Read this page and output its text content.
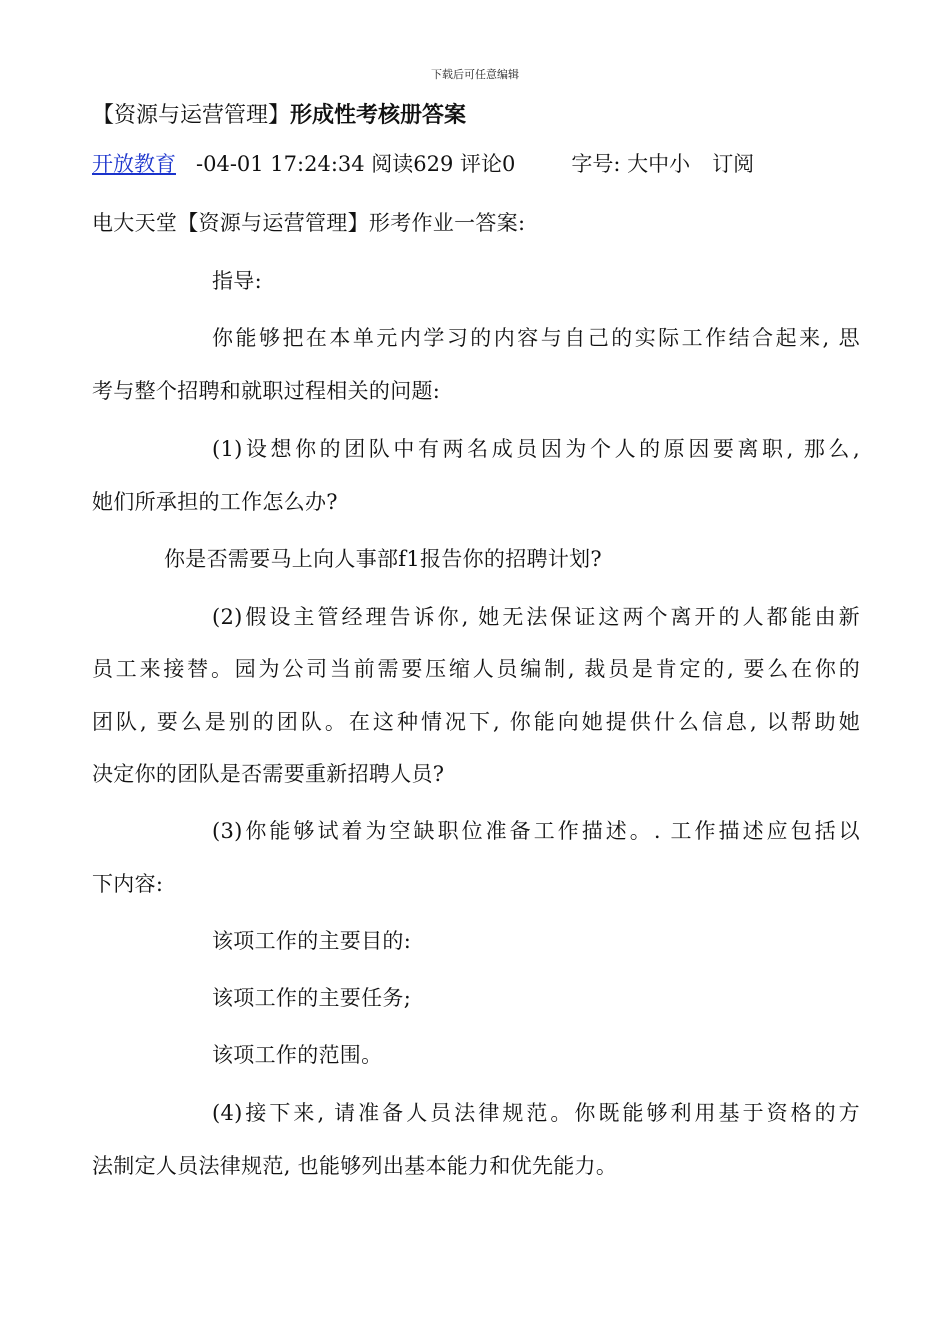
下载后可任意编辑
【资源与运营管理】形成性考核册答案
开放教育 -04-01 17:24:34 阅读629 评论0	字号: 大中小 订阅
电大天堂【资源与运营管理】形考作业一答案:
指导:
你能够把在本单元内学习的内容与自己的实际工作结合起来, 思
考与整个招聘和就职过程相关的问题:
(1)设想你的团队中有两名成员因为个人的原因要离职, 那么,
她们所承担的工作怎么办?
你是否需要马上向人事部f1报告你的招聘计划?
(2)假设主管经理告诉你, 她无法保证这两个离开的人都能由新
员工来接替。园为公司当前需要压缩人员编制, 裁员是肯定的, 要么在你的
团队, 要么是别的团队。在这种情况下, 你能向她提供什么信息, 以帮助她
决定你的团队是否需要重新招聘人员?
(3)你能够试着为空缺职位准备工作描述。. 工作描述应包括以
下内容:
该项工作的主要目的:
该项工作的主要任务;
该项工作的范围。
(4)接下来, 请准备人员法律规范。你既能够利用基于资格的方
法制定人员法律规范, 也能够列出基本能力和优先能力。
